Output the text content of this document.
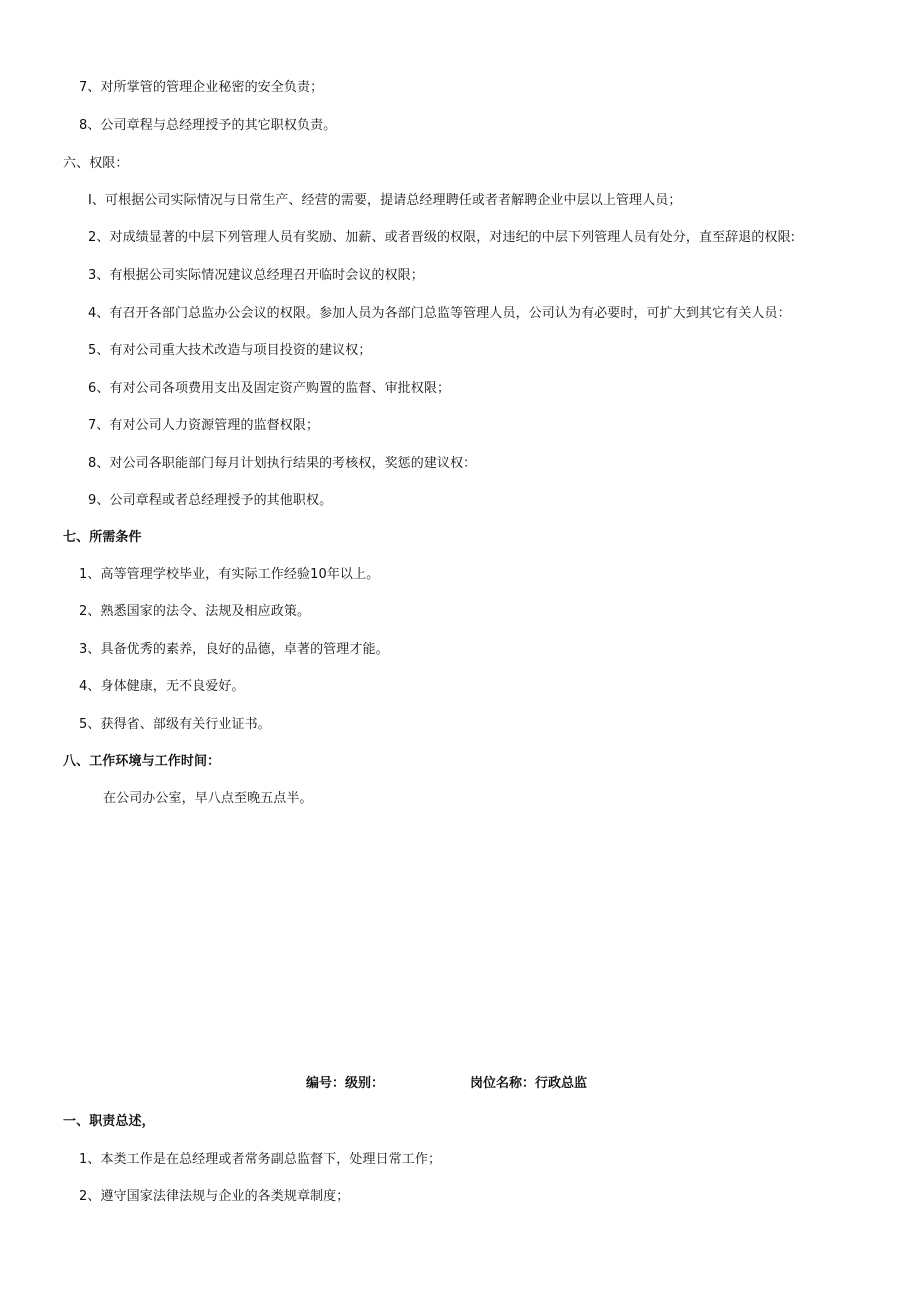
7、对所掌管的管理企业秘密的安全负责；
8、公司章程与总经理授予的其它职权负责。
六、权限：
I、可根据公司实际情况与日常生产、经营的需要，提请总经理聘任或者者解聘企业中层以上管理人员；
2、对成绩显著的中层下列管理人员有奖励、加薪、或者晋级的权限，对违纪的中层下列管理人员有处分，直至辞退的权限:
3、有根据公司实际情况建议总经理召开临时会议的权限；
4、有召开各部门总监办公会议的权限。参加人员为各部门总监等管理人员，公司认为有必要时，可扩大到其它有关人员：
5、有对公司重大技术改造与项目投资的建议权；
6、有对公司各项费用支出及固定资产购置的监督、审批权限；
7、有对公司人力资源管理的监督权限；
8、对公司各职能部门每月计划执行结果的考核权，奖惩的建议权：
9、公司章程或者总经理授予的其他职权。
七、所需条件
1、高等管理学校毕业，有实际工作经验10年以上。
2、熟悉国家的法令、法规及相应政策。
3、具备优秀的素养，良好的品德，卓著的管理才能。
4、身体健康，无不良爱好。
5、获得省、部级有关行业证书。
八、工作环境与工作时间：
在公司办公室，早八点至晚五点半。
编号：级别：	岗位名称：行政总监
一、职责总述，
1、本类工作是在总经理或者常务副总监督下，处理日常工作；
2、遵守国家法律法规与企业的各类规章制度；
